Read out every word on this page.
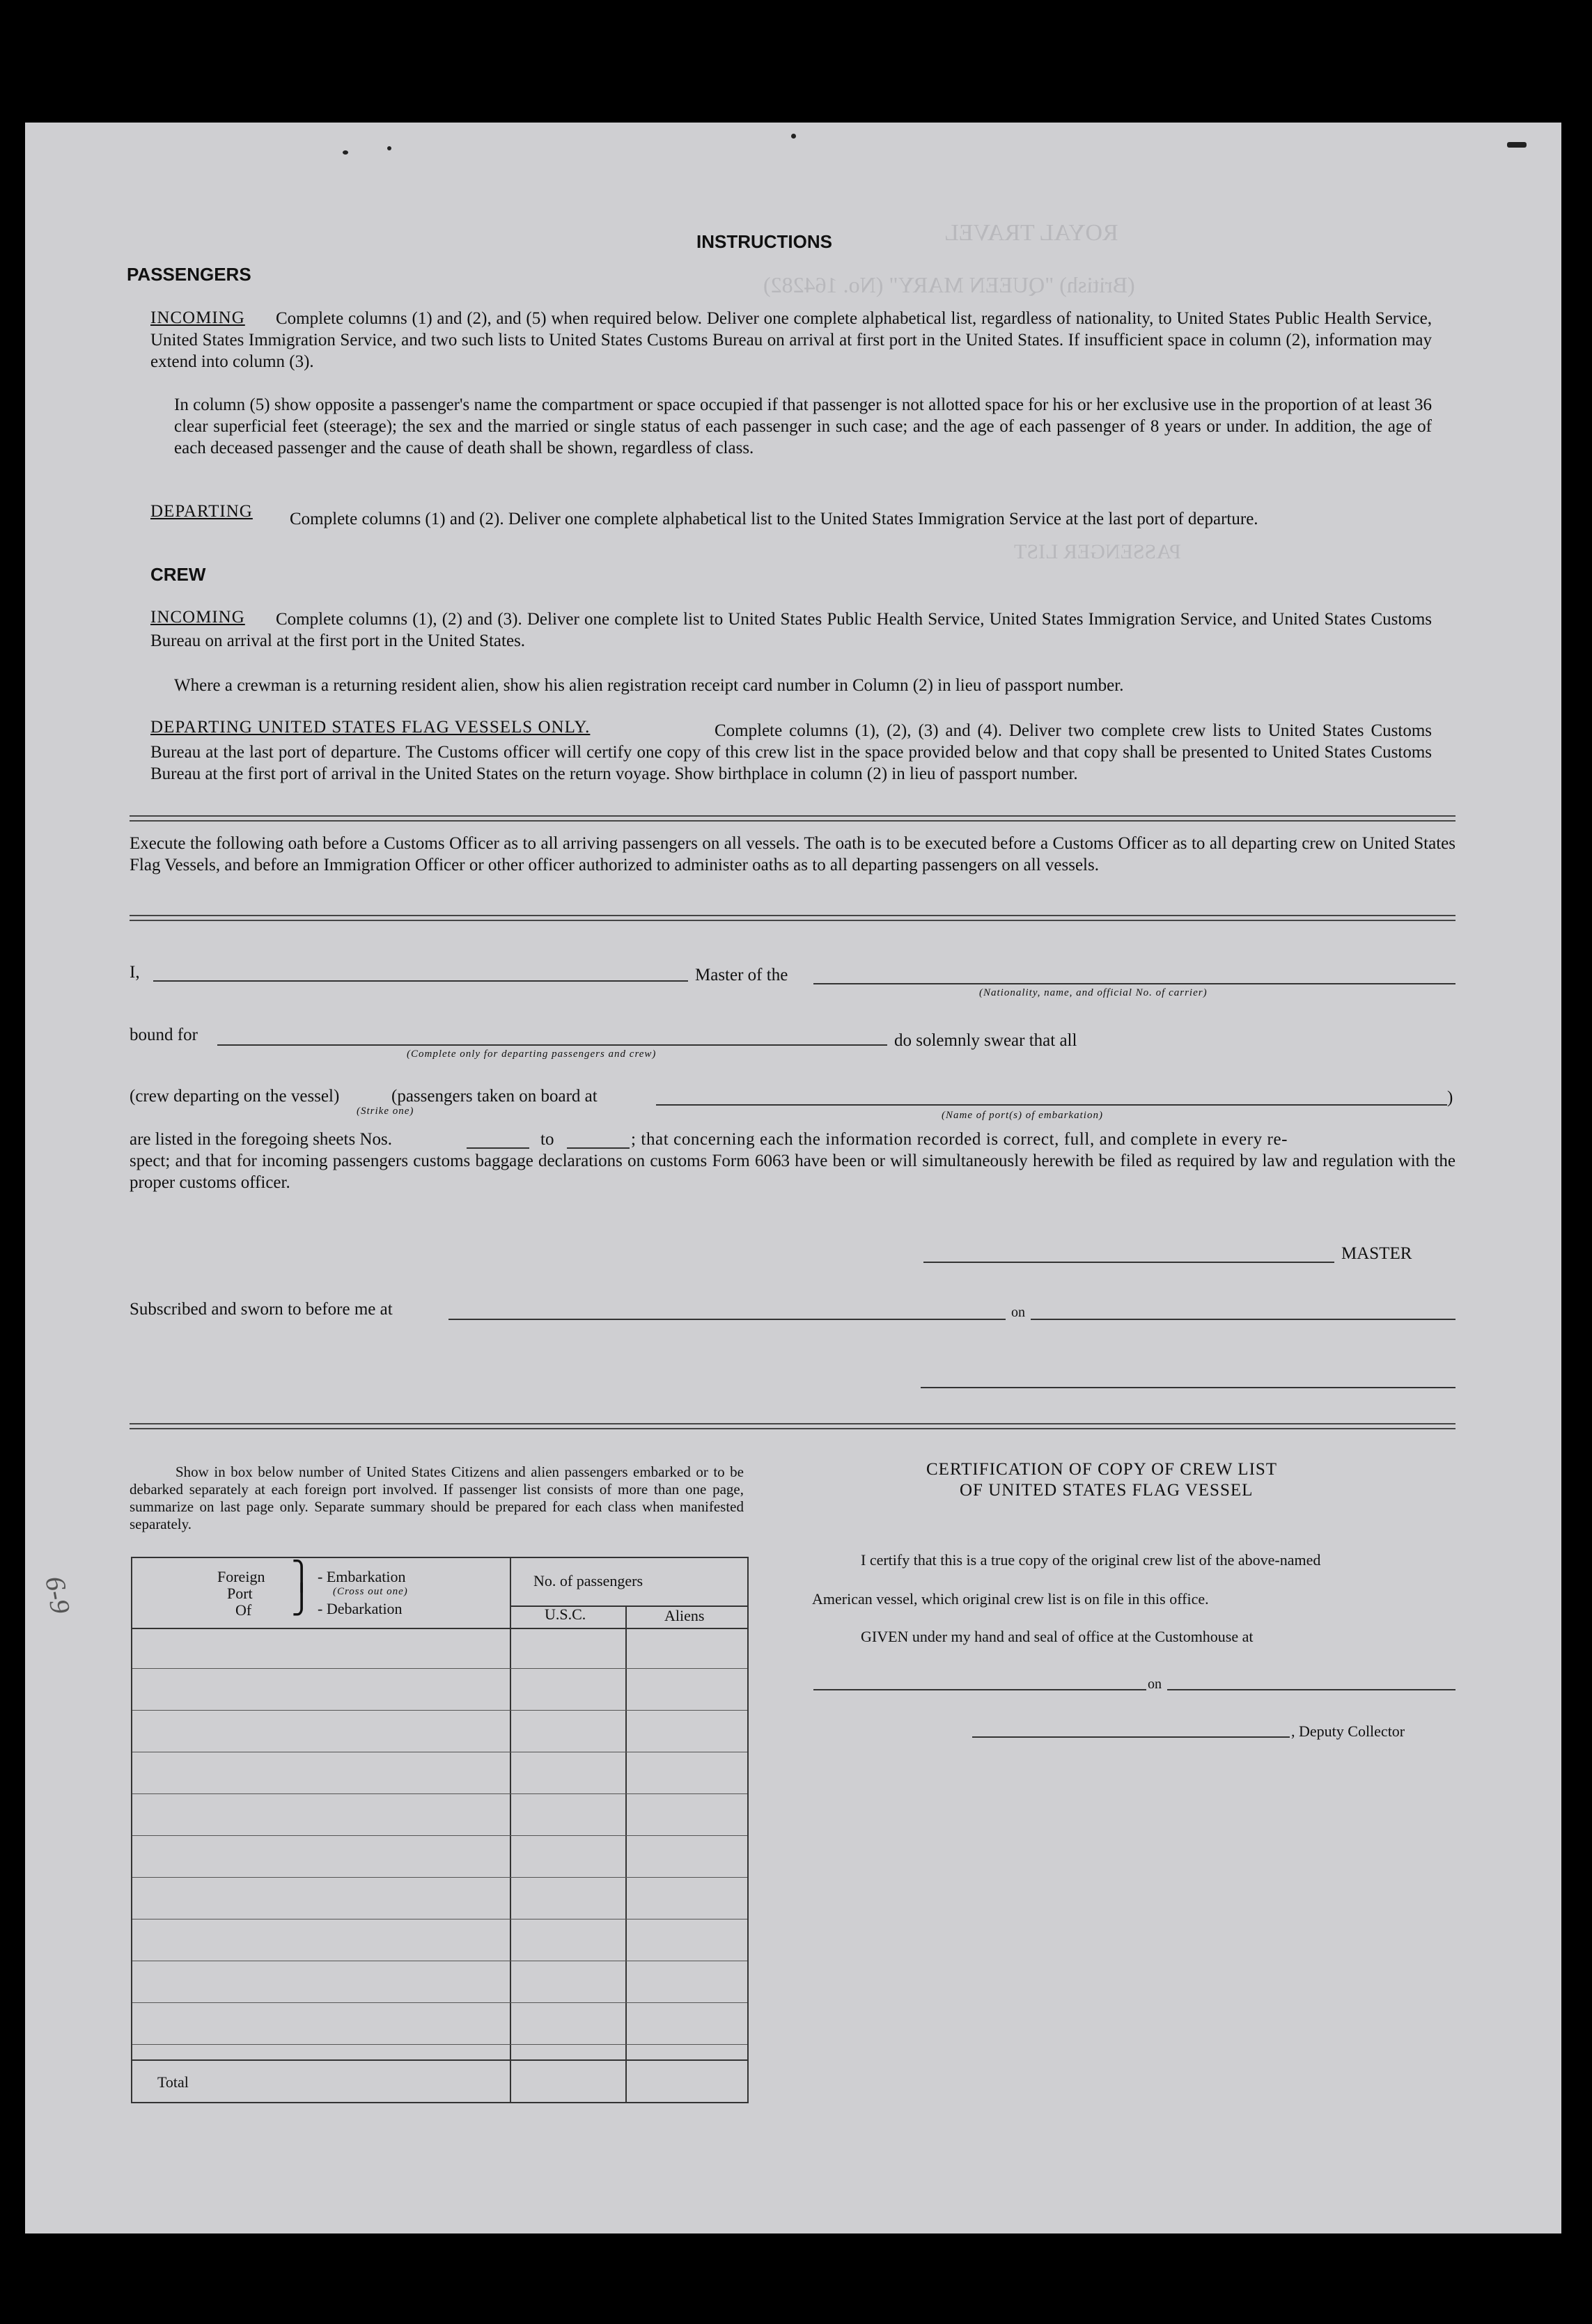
ROYAL TRAVEL
(British) "QUEEN MARY" (No. 164282)
PASSENGER LIST
INSTRUCTIONS
PASSENGERS
INCOMING	Complete columns (1) and (2), and (5) when required below. Deliver one complete alphabetical list, regardless of nationality, to United States Public Health Service, United States Immigration Service, and two such lists to United States Customs Bureau on arrival at first port in the United States. If insufficient space in column (2), information may extend into column (3).
In column (5) show opposite a passenger's name the compartment or space occupied if that passenger is not allotted space for his or her exclusive use in the proportion of at least 36 clear superficial feet (steerage); the sex and the married or single status of each passenger in such case; and the age of each passenger of 8 years or under. In addition, the age of each deceased passenger and the cause of death shall be shown, regardless of class.
DEPARTING	Complete columns (1) and (2). Deliver one complete alphabetical list to the United States Immigration Service at the last port of departure.
CREW
INCOMING	Complete columns (1), (2) and (3). Deliver one complete list to United States Public Health Service, United States Immigration Service, and United States Customs Bureau on arrival at the first port in the United States.
Where a crewman is a returning resident alien, show his alien registration receipt card number in Column (2) in lieu of passport number.
DEPARTING UNITED STATES FLAG VESSELS ONLY.	Complete columns (1), (2), (3) and (4). Deliver two complete crew lists to United States Customs Bureau at the last port of departure. The Customs officer will certify one copy of this crew list in the space provided below and that copy shall be presented to United States Customs Bureau at the first port of arrival in the United States on the return voyage. Show birthplace in column (2) in lieu of passport number.
Execute the following oath before a Customs Officer as to all arriving passengers on all vessels. The oath is to be executed before a Customs Officer as to all departing crew on United States Flag Vessels, and before an Immigration Officer or other officer authorized to administer oaths as to all departing passengers on all vessels.
I,	Master of the
(Nationality, name, and official No. of carrier)
bound for
(Complete only for departing passengers and crew)
do solemnly swear that all
(crew departing on the vessel)
(Strike one)
(passengers taken on board at	)
(Name of port(s) of embarkation)
are listed in the foregoing sheets Nos.	to	; that concerning each the information recorded is correct, full, and complete in every re-
spect; and that for incoming passengers customs baggage declarations on customs Form 6063 have been or will simultaneously herewith be filed as required by law and regulation with the proper customs officer.
MASTER
Subscribed and sworn to before me at	on
Show in box below number of United States Citizens and alien passengers embarked or to be debarked separately at each foreign port involved. If passenger list consists of more than one page, summarize on last page only. Separate summary should be prepared for each class when manifested separately.
Foreign
Port
Of
⎫
⎭
- Embarkation
(Cross out one)
- Debarkation
No. of passengers
U.S.C.	Aliens
Total
CERTIFICATION OF COPY OF CREW LIST
OF UNITED STATES FLAG VESSEL
I certify that this is a true copy of the original crew list of the above-named
American vessel, which original crew list is on file in this office.
GIVEN under my hand and seal of office at the Customhouse at
on
, Deputy Collector
6-9
